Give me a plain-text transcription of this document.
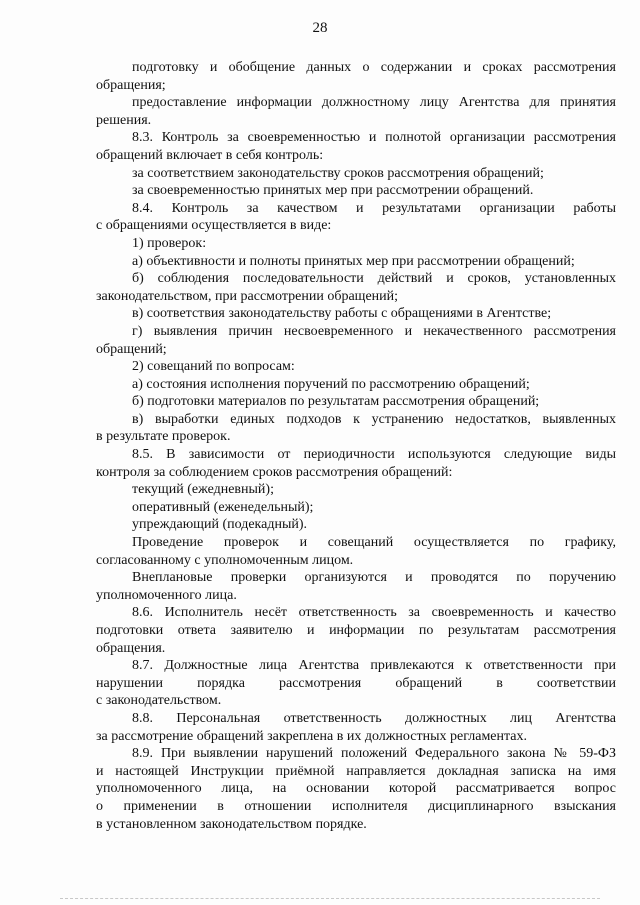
28
подготовку и обобщение данных о содержании и сроках рассмотрения
обращения;
предоставление информации должностному лицу Агентства для принятия
решения.
8.3. Контроль за своевременностью и полнотой организации рассмотрения
обращений включает в себя контроль:
за соответствием законодательству сроков рассмотрения обращений;
за своевременностью принятых мер при рассмотрении обращений.
8.4. Контроль за качеством и результатами организации работы
с обращениями осуществляется в виде:
1) проверок:
а) объективности и полноты принятых мер при рассмотрении обращений;
б) соблюдения последовательности действий и сроков, установленных
законодательством, при рассмотрении обращений;
в) соответствия законодательству работы с обращениями в Агентстве;
г) выявления причин несвоевременного и некачественного рассмотрения
обращений;
2) совещаний по вопросам:
а) состояния исполнения поручений по рассмотрению обращений;
б) подготовки материалов по результатам рассмотрения обращений;
в) выработки единых подходов к устранению недостатков, выявленных
в результате проверок.
8.5. В зависимости от периодичности используются следующие виды
контроля за соблюдением сроков рассмотрения обращений:
текущий (ежедневный);
оперативный (еженедельный);
упреждающий (подекадный).
Проведение проверок и совещаний осуществляется по графику,
согласованному с уполномоченным лицом.
Внеплановые проверки организуются и проводятся по поручению
уполномоченного лица.
8.6. Исполнитель несёт ответственность за своевременность и качество
подготовки ответа заявителю и информации по результатам рассмотрения
обращения.
8.7. Должностные лица Агентства привлекаются к ответственности при
нарушении порядка рассмотрения обращений в соответствии
с законодательством.
8.8. Персональная ответственность должностных лиц Агентства
за рассмотрение обращений закреплена в их должностных регламентах.
8.9. При выявлении нарушений положений Федерального закона № 59-ФЗ
и настоящей Инструкции приёмной направляется докладная записка на имя
уполномоченного лица, на основании которой рассматривается вопрос
о применении в отношении исполнителя дисциплинарного взыскания
в установленном законодательством порядке.
